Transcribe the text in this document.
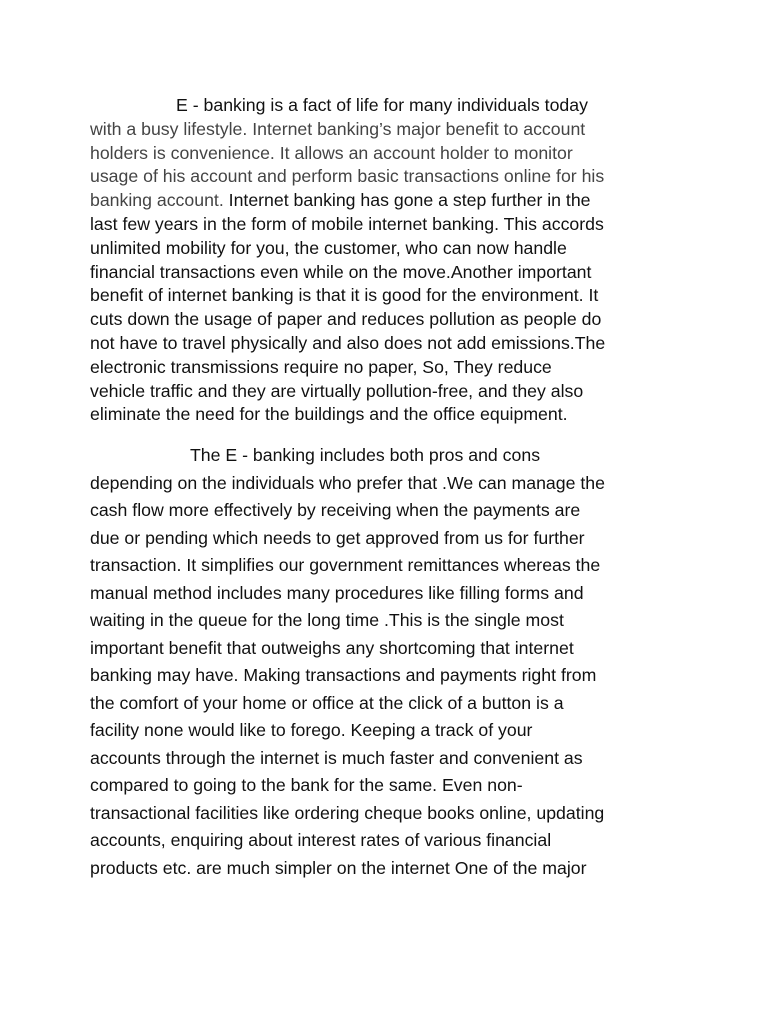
E - banking is a fact of life for many individuals today
with a busy lifestyle. Internet banking’s major benefit to account
holders is convenience. It allows an account holder to monitor
usage of his account and perform basic transactions online for his
banking account. Internet banking has gone a step further in the
last few years in the form of mobile internet banking. This accords
unlimited mobility for you, the customer, who can now handle
financial transactions even while on the move.Another important
benefit of internet banking is that it is good for the environment. It
cuts down the usage of paper and reduces pollution as people do
not have to travel physically and also does not add emissions.The
electronic transmissions require no paper, So, They reduce
vehicle traffic and they are virtually pollution-free, and they also
eliminate the need for the buildings and the office equipment.

The E - banking includes both pros and cons
depending on the individuals who prefer that .We can manage the
cash flow more effectively by receiving when the payments are
due or pending which needs to get approved from us for further
transaction. It simplifies our government remittances whereas the
manual method includes many procedures like filling forms and
waiting in the queue for the long time .This is the single most
important benefit that outweighs any shortcoming that internet
banking may have. Making transactions and payments right from
the comfort of your home or office at the click of a button is a
facility none would like to forego. Keeping a track of your
accounts through the internet is much faster and convenient as
compared to going to the bank for the same. Even non-
transactional facilities like ordering cheque books online, updating
accounts, enquiring about interest rates of various financial
products etc. are much simpler on the internet One of the major
